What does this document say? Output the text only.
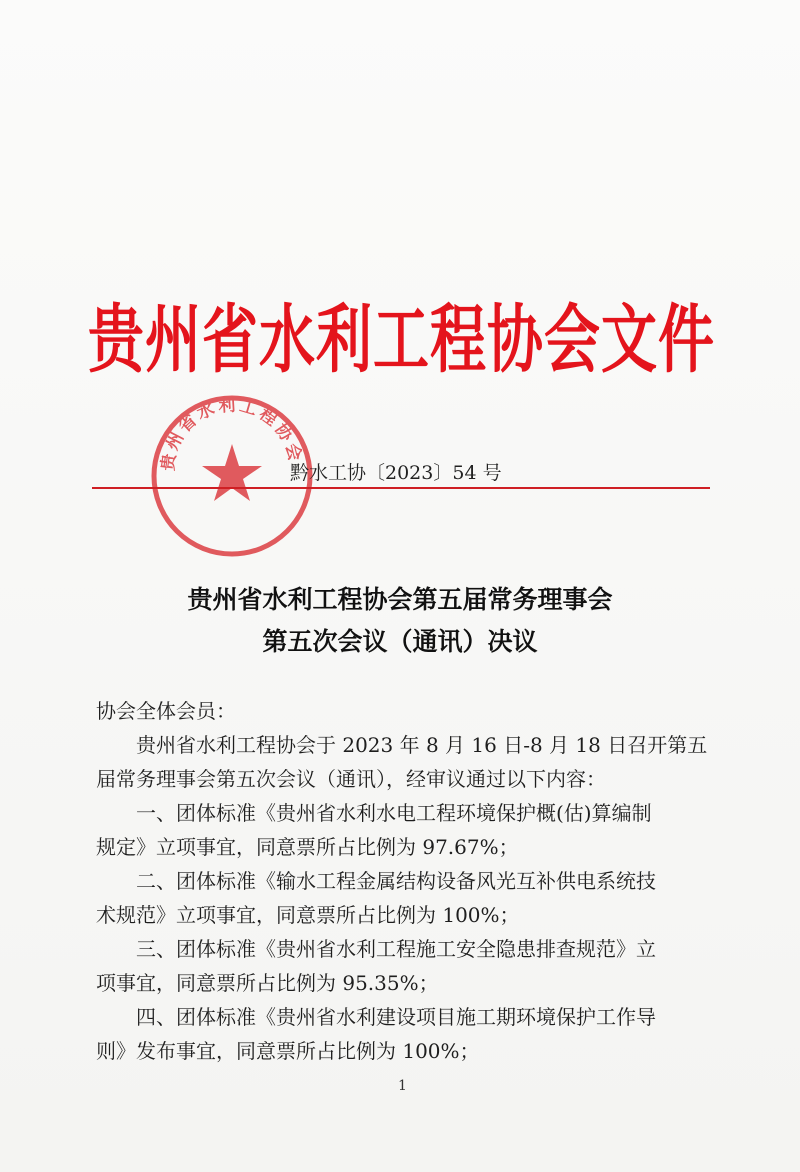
贵州省水利工程协会文件
贵州省水利工程协会
黔水工协〔2023〕54 号
贵州省水利工程协会第五届常务理事会
第五次会议（通讯）决议
协会全体会员：
　　贵州省水利工程协会于 2023 年 8 月 16 日-8 月 18 日召开第五
届常务理事会第五次会议（通讯），经审议通过以下内容：
　　一、团体标准《贵州省水利水电工程环境保护概(估)算编制
规定》立项事宜，同意票所占比例为 97.67%；
　　二、团体标准《输水工程金属结构设备风光互补供电系统技
术规范》立项事宜，同意票所占比例为 100%；
　　三、团体标准《贵州省水利工程施工安全隐患排查规范》立
项事宜，同意票所占比例为 95.35%；
　　四、团体标准《贵州省水利建设项目施工期环境保护工作导
则》发布事宜，同意票所占比例为 100%；
1
